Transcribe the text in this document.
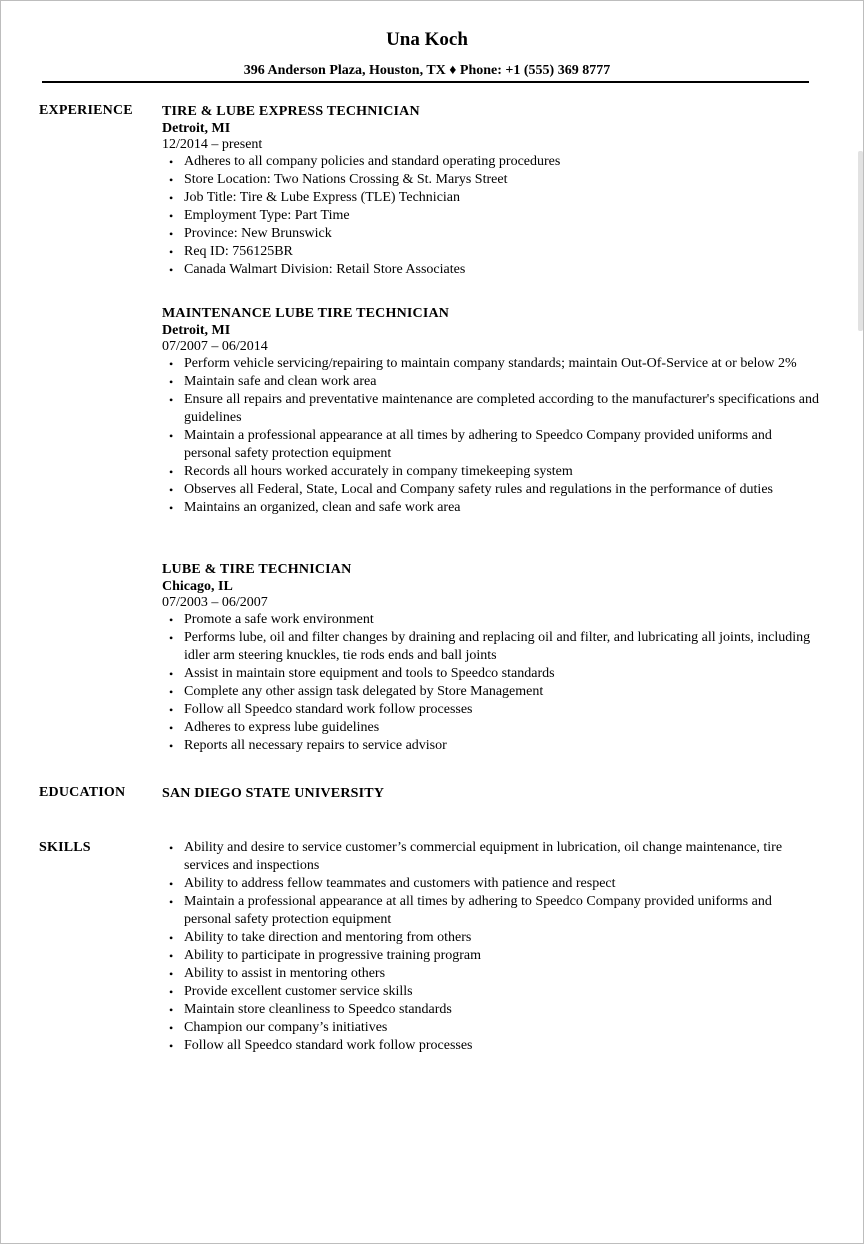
Una Koch
396 Anderson Plaza, Houston, TX ♦ Phone: +1 (555) 369 8777
EXPERIENCE TIRE & LUBE EXPRESS TECHNICIAN
Detroit, MI
12/2014 – present
• Adheres to all company policies and standard operating procedures
• Store Location: Two Nations Crossing & St. Marys Street
• Job Title: Tire & Lube Express (TLE) Technician
• Employment Type: Part Time
• Province: New Brunswick
• Req ID: 756125BR
• Canada Walmart Division: Retail Store Associates
MAINTENANCE LUBE TIRE TECHNICIAN
Detroit, MI
07/2007 – 06/2014
• Perform vehicle servicing/repairing to maintain company standards; maintain Out-Of-Service at or below 2%
• Maintain safe and clean work area
• Ensure all repairs and preventative maintenance are completed according to the manufacturer's specifications and guidelines
• Maintain a professional appearance at all times by adhering to Speedco Company provided uniforms and personal safety protection equipment
• Records all hours worked accurately in company timekeeping system
• Observes all Federal, State, Local and Company safety rules and regulations in the performance of duties
• Maintains an organized, clean and safe work area
LUBE & TIRE TECHNICIAN
Chicago, IL
07/2003 – 06/2007
• Promote a safe work environment
• Performs lube, oil and filter changes by draining and replacing oil and filter, and lubricating all joints, including idler arm steering knuckles, tie rods ends and ball joints
• Assist in maintain store equipment and tools to Speedco standards
• Complete any other assign task delegated by Store Management
• Follow all Speedco standard work follow processes
• Adheres to express lube guidelines
• Reports all necessary repairs to service advisor
EDUCATION	SAN DIEGO STATE UNIVERSITY
SKILLS	• Ability and desire to service customer’s commercial equipment in lubrication, oil change maintenance, tire services and inspections
• Ability to address fellow teammates and customers with patience and respect
• Maintain a professional appearance at all times by adhering to Speedco Company provided uniforms and personal safety protection equipment
• Ability to take direction and mentoring from others
• Ability to participate in progressive training program
• Ability to assist in mentoring others
• Provide excellent customer service skills
• Maintain store cleanliness to Speedco standards
• Champion our company’s initiatives
• Follow all Speedco standard work follow processes
